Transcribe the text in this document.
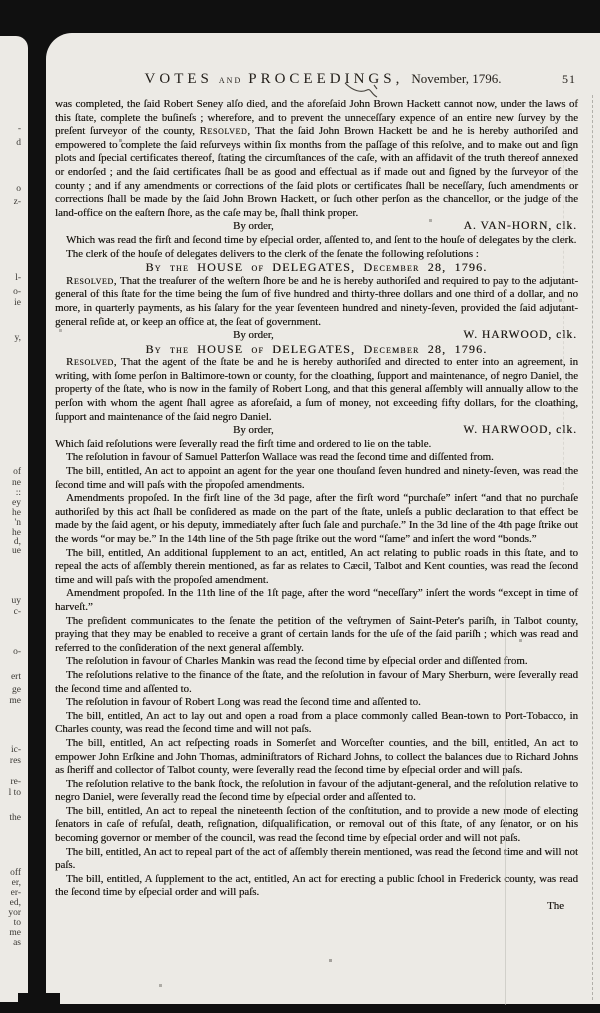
-
d
o
z-
l-
o-
ie
y,
of
ne
::
ey
he
'n
he
d,
ue
uy
c-
o-
ert
ge
me
ic-
res
re-
l to
the
off
er,
er-
ed,
yor
to
me
as
VOTES and PROCEEDINGS, November, 1796.	51

was completed, the ſaid Robert Seney alſo died, and the aforeſaid John Brown Hackett cannot now, under the laws of this ſtate, complete the buſineſs ; wherefore, and to prevent the unneceſſary expence of an entire new ſurvey by the preſent ſurveyor of the county, Resolved, That the ſaid John Brown Hackett be and he is hereby authoriſed and empowered to complete the ſaid reſurveys within ſix months from the paſſage of this reſolve, and to make out and ſign plots and ſpecial certificates thereof, ſtating the circumſtances of the caſe, with an affidavit of the truth thereof annexed or endorſed ; and the ſaid certificates ſhall be as good and effectual as if made out and ſigned by the ſurveyor of the county ; and if any amendments or corrections of the ſaid plots or certificates ſhall be neceſſary, ſuch amendments or corrections ſhall be made by the ſaid John Brown Hackett, or ſuch other perſon as the chancellor, or the judge of the land-office on the eaſtern ſhore, as the caſe may be, ſhall think proper.

By order,	A. VAN-HORN, clk.

Which was read the firſt and ſecond time by eſpecial order, aſſented to, and ſent to the houſe of delegates by the clerk.

The clerk of the houſe of delegates delivers to the clerk of the ſenate the following reſolutions :

By the HOUSE of DELEGATES, December 28, 1796.

Resolved, That the treaſurer of the weſtern ſhore be and he is hereby authoriſed and required to pay to the adjutant-general of this ſtate for the time being the ſum of five hundred and thirty-three dollars and one third of a dollar, and no more, in quarterly payments, as his ſalary for the year ſeventeen hundred and ninety-ſeven, provided the ſaid adjutant-general reſide at, or keep an office at, the ſeat of government.

By order,	W. HARWOOD, clk.

By the HOUSE of DELEGATES, December 28, 1796.

Resolved, That the agent of the ſtate be and he is hereby authoriſed and directed to enter into an agreement, in writing, with ſome perſon in Baltimore-town or county, for the cloathing, ſupport and maintenance, of negro Daniel, the property of the ſtate, who is now in the family of Robert Long, and that this general aſſembly will annually allow to the perſon with whom the agent ſhall agree as aforeſaid, a ſum of money, not exceeding fifty dollars, for the cloathing, ſupport and maintenance of the ſaid negro Daniel.

By order,	W. HARWOOD, clk.

Which ſaid reſolutions were ſeverally read the firſt time and ordered to lie on the table.

The reſolution in favour of Samuel Patterſon Wallace was read the ſecond time and diſſented from.

The bill, entitled, An act to appoint an agent for the year one thouſand ſeven hundred and ninety-ſeven, was read the ſecond time and will paſs with the propoſed amendments.

Amendments propoſed. In the firſt line of the 3d page, after the firſt word “purchaſe” inſert “and that no purchaſe authoriſed by this act ſhall be conſidered as made on the part of the ſtate, unleſs a public declaration to that effect be made by the ſaid agent, or his deputy, immediately after ſuch ſale and purchaſe.” In the 3d line of the 4th page ſtrike out the words “or may be.” In the 14th line of the 5th page ſtrike out the word “ſame” and inſert the word “bonds.”

The bill, entitled, An additional ſupplement to an act, entitled, An act relating to public roads in this ſtate, and to repeal the acts of aſſembly therein mentioned, as far as relates to Cæcil, Talbot and Kent counties, was read the ſecond time and will paſs with the propoſed amendment.

Amendment propoſed. In the 11th line of the 1ſt page, after the word “neceſſary” inſert the words “except in time of harveſt.”

The preſident communicates to the ſenate the petition of the veſtrymen of Saint-Peter's pariſh, in Talbot county, praying that they may be enabled to receive a grant of certain lands for the uſe of the ſaid pariſh ; which was read and referred to the conſideration of the next general aſſembly.

The reſolution in favour of Charles Mankin was read the ſecond time by eſpecial order and diſſented from.

The reſolutions relative to the finance of the ſtate, and the reſolution in favour of Mary Sherburn, were ſeverally read the ſecond time and aſſented to.

The reſolution in favour of Robert Long was read the ſecond time and aſſented to.

The bill, entitled, An act to lay out and open a road from a place commonly called Bean-town to Port-Tobacco, in Charles county, was read the ſecond time and will not paſs.

The bill, entitled, An act reſpecting roads in Somerſet and Worceſter counties, and the bill, entitled, An act to empower John Erſkine and John Thomas, adminiſtrators of Richard Johns, to collect the balances due to Richard Johns as ſheriff and collector of Talbot county, were ſeverally read the ſecond time by eſpecial order and will paſs.

The reſolution relative to the bank ſtock, the reſolution in favour of the adjutant-general, and the reſolution relative to negro Daniel, were ſeverally read the ſecond time by eſpecial order and aſſented to.

The bill, entitled, An act to repeal the nineteenth ſection of the conſtitution, and to provide a new mode of electing ſenators in caſe of refuſal, death, reſignation, diſqualification, or removal out of this ſtate, of any ſenator, or on his becoming governor or member of the council, was read the ſecond time by eſpecial order and will not paſs.

The bill, entitled, An act to repeal part of the act of aſſembly therein mentioned, was read the ſecond time and will not paſs.

The bill, entitled, A ſupplement to the act, entitled, An act for erecting a public ſchool in Frederick county, was read the ſecond time by eſpecial order and will paſs.

The
